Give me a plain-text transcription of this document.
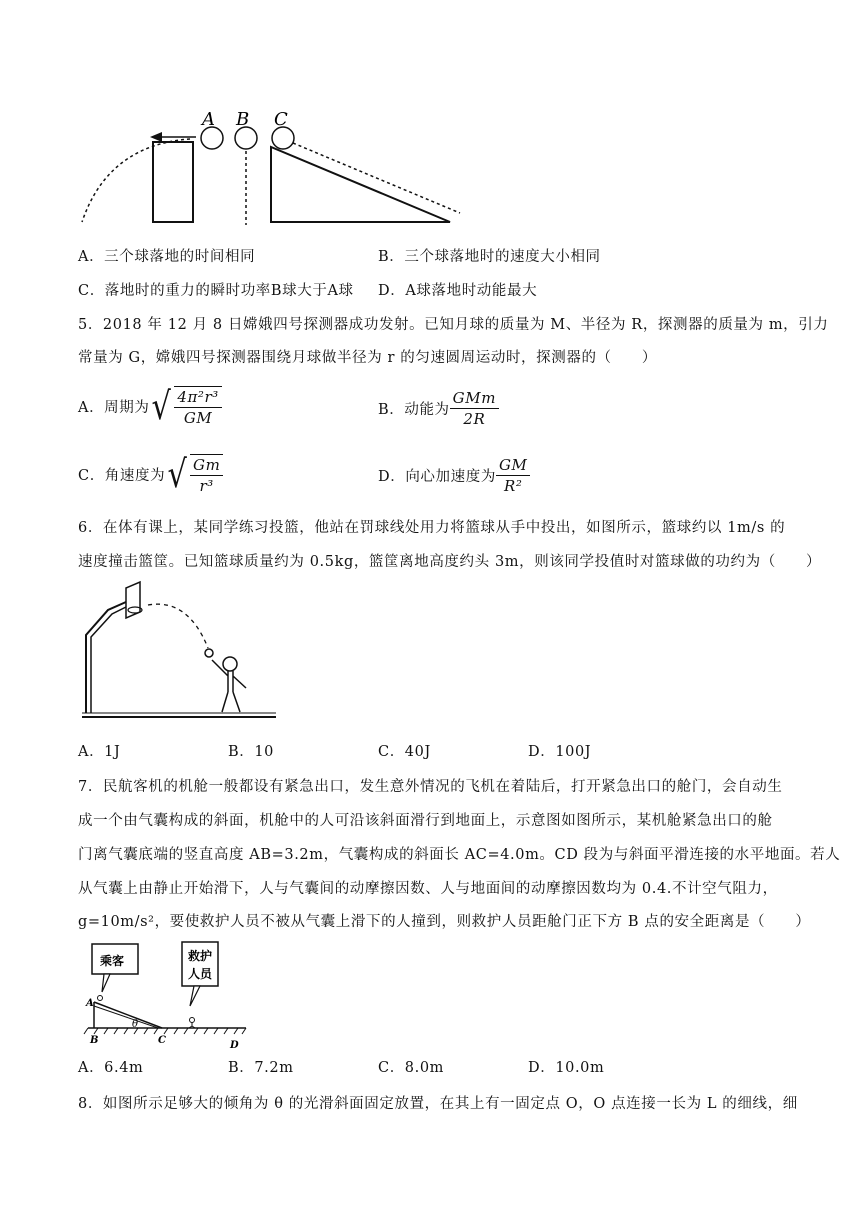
A B C
A．三个球落地的时间相同	B．三个球落地时的速度大小相同
C．落地时的重力的瞬时功率B球大于A球 D．A球落地时动能最大
5．2018 年 12 月 8 日嫦娥四号探测器成功发射。已知月球的质量为 M、半径为 R，探测器的质量为 m，引力
常量为 G，嫦娥四号探测器围绕月球做半径为 r 的匀速圆周运动时，探测器的（　　）
A．周期为 √ $\frac{\text{4π²r³}}{GM}$	B．动能为 $\frac{\text{GMm}}{2R}$
C．角速度为 √ $\frac{Gm}{\text{r³}}$	D．向心加速度为 $\frac{GM}{\text{R²}}$
6．在体有课上，某同学练习投篮，他站在罚球线处用力将篮球从手中投出，如图所示，篮球约以 1m/s 的
速度撞击篮筐。已知篮球质量约为 0.5kg，篮筐离地高度约头 3m，则该同学投值时对篮球做的功约为（　　）
A．1J	B．10	C．40J	D．100J
7．民航客机的机舱一般都设有紧急出口，发生意外情况的飞机在着陆后，打开紧急出口的舱门，会自动生
成一个由气囊构成的斜面，机舱中的人可沿该斜面滑行到地面上，示意图如图所示，某机舱紧急出口的舱
门离气囊底端的竖直高度 AB=3.2m，气囊构成的斜面长 AC=4.0m。CD 段为与斜面平滑连接的水平地面。若人
从气囊上由静止开始滑下，人与气囊间的动摩擦因数、人与地面间的动摩擦因数均为 0.4.不计空气阻力，
g=10m/s²，要使救护人员不被从气囊上滑下的人撞到，则救护人员距舱门正下方 B 点的安全距离是（　　）
乘客	救护
人员
A
θ
B	C	D
A．6.4m	B．7.2m	C．8.0m	D．10.0m
8．如图所示足够大的倾角为 θ 的光滑斜面固定放置，在其上有一固定点 O，O 点连接一长为 L 的细线，细
